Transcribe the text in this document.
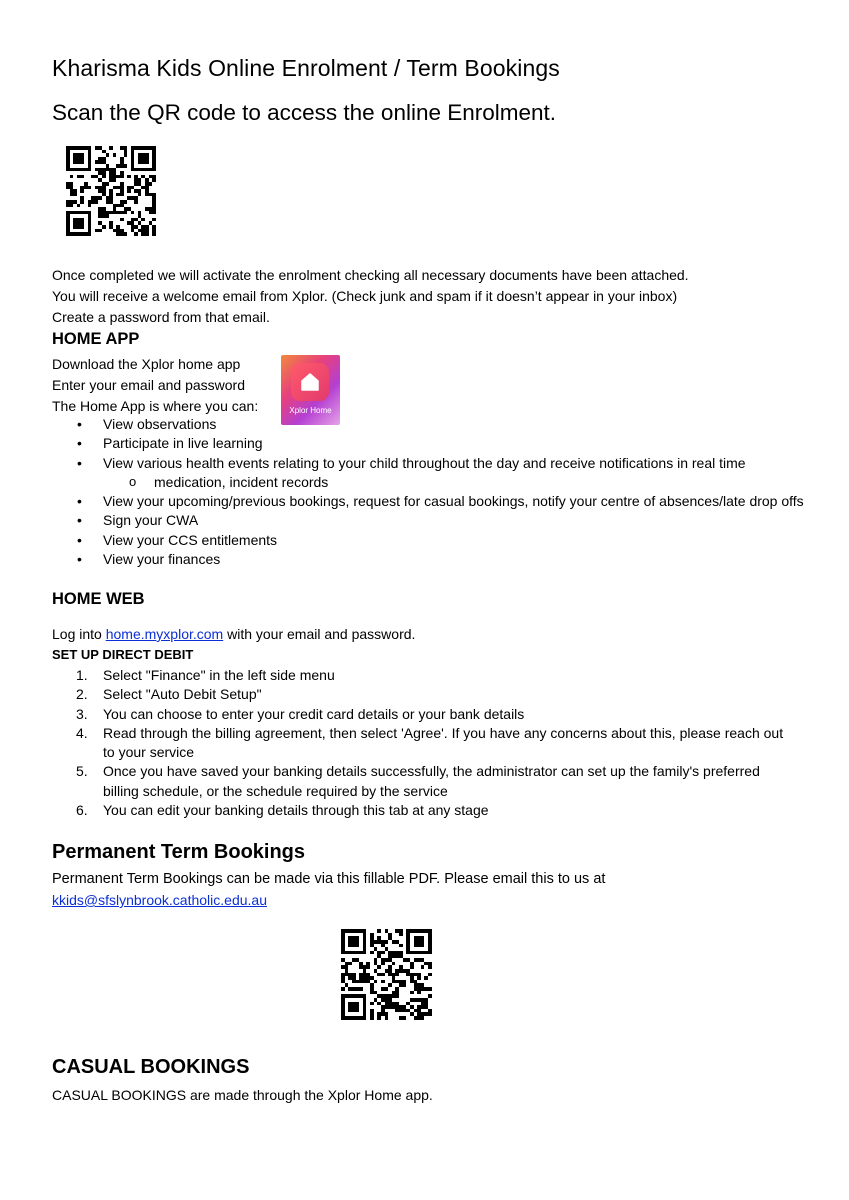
Kharisma Kids Online Enrolment / Term Bookings
Scan the QR code to access the online Enrolment.
Once completed we will activate the enrolment checking all necessary documents have been attached.
You will receive a welcome email from Xplor. (Check junk and spam if it doesn’t appear in your inbox)
Create a password from that email.
HOME APP
Download the Xplor home app
Enter your email and password
The Home App is where you can:	Xplor Home
• View observations
• Participate in live learning
• View various health events relating to your child throughout the day and receive notifications in real time
o medication, incident records
• View your upcoming/previous bookings, request for casual bookings, notify your centre of absences/late drop offs
• Sign your CWA
• View your CCS entitlements
• View your finances
HOME WEB
Log into home.myxplor.com with your email and password.
SET UP DIRECT DEBIT
1. Select "Finance" in the left side menu
2. Select "Auto Debit Setup"
3. You can choose to enter your credit card details or your bank details
4. Read through the billing agreement, then select 'Agree'. If you have any concerns about this, please reach out to your service
5. Once you have saved your banking details successfully, the administrator can set up the family's preferred billing schedule, or the schedule required by the service
6. You can edit your banking details through this tab at any stage
Permanent Term Bookings
Permanent Term Bookings can be made via this fillable PDF. Please email this to us at
kkids@sfslynbrook.catholic.edu.au
CASUAL BOOKINGS
CASUAL BOOKINGS are made through the Xplor Home app.
